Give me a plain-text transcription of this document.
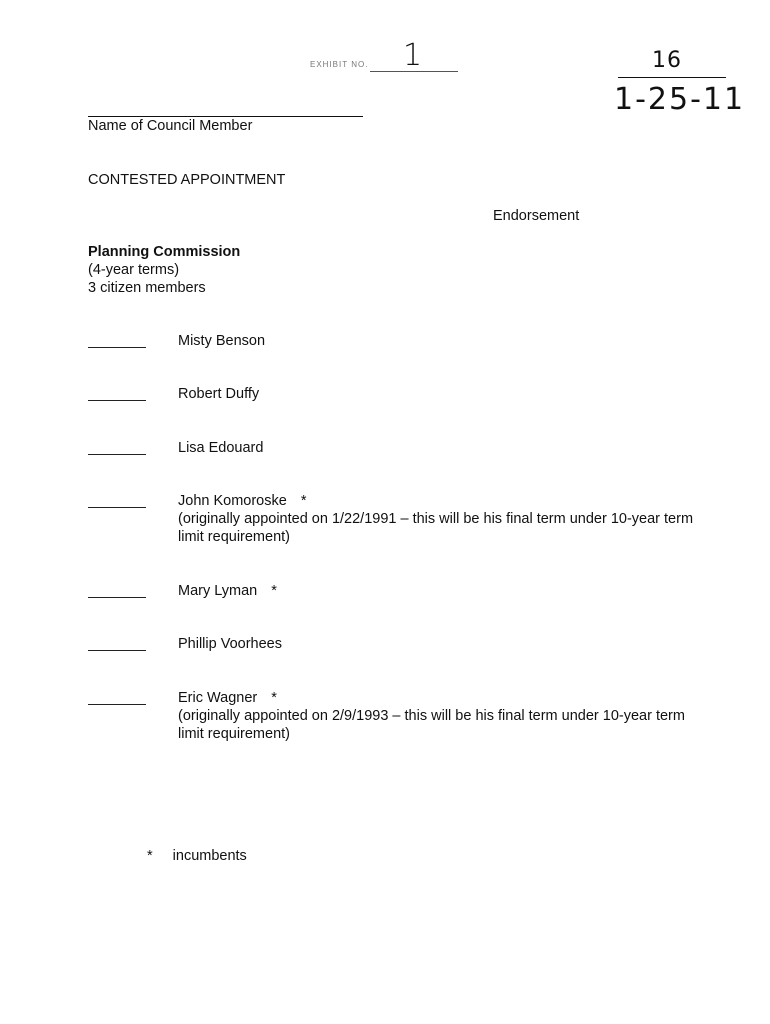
EXHIBIT NO. 1	16
1-25-11
Name of Council Member
CONTESTED APPOINTMENT
Endorsement
Planning Commission
(4-year terms)
3 citizen members
Misty Benson
Robert Duffy
Lisa Edouard
John Komoroske *
(originally appointed on 1/22/1991 – this will be his final term under 10-year term limit requirement)
Mary Lyman *
Phillip Voorhees
Eric Wagner *
(originally appointed on 2/9/1993 – this will be his final term under 10-year term limit requirement)
* incumbents
